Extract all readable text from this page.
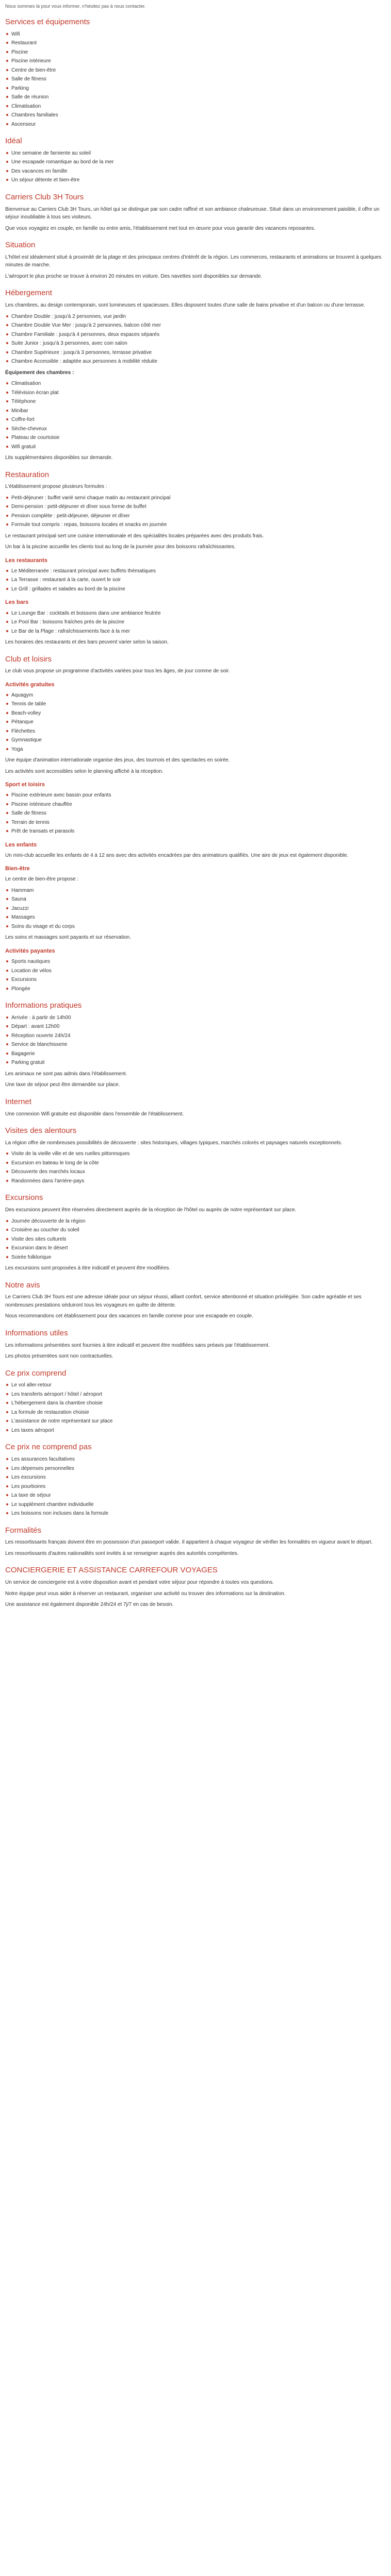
Nous sommes là pour vous informer, n'hésitez pas à nous contacter.

Services et équipements
Wifi
Restaurant
Piscine
Piscine intérieure
Centre de bien-être
Salle de fitness
Parking
Salle de réunion
Climatisation
Chambres familiales
Ascenseur
Idéal
Une semaine de farniente au soleil
Une escapade romantique au bord de la mer
Des vacances en famille
Un séjour détente et bien-être
Carriers Club 3H Tours

Bienvenue au Carriers Club 3H Tours, un hôtel qui se distingue par son cadre raffiné et son ambiance chaleureuse. Situé dans un environnement paisible, il offre un séjour inoubliable à tous ses visiteurs.

Que vous voyagiez en couple, en famille ou entre amis, l'établissement met tout en œuvre pour vous garantir des vacances reposantes.

Situation

L'hôtel est idéalement situé à proximité de la plage et des principaux centres d'intérêt de la région. Les commerces, restaurants et animations se trouvent à quelques minutes de marche.

L'aéroport le plus proche se trouve à environ 20 minutes en voiture. Des navettes sont disponibles sur demande.

Hébergement

Les chambres, au design contemporain, sont lumineuses et spacieuses. Elles disposent toutes d'une salle de bains privative et d'un balcon ou d'une terrasse.

Chambre Double : jusqu'à 2 personnes, vue jardin
Chambre Double Vue Mer : jusqu'à 2 personnes, balcon côté mer
Chambre Familiale : jusqu'à 4 personnes, deux espaces séparés
Suite Junior : jusqu'à 3 personnes, avec coin salon
Chambre Supérieure : jusqu'à 3 personnes, terrasse privative
Chambre Accessible : adaptée aux personnes à mobilité réduite

Équipement des chambres :

Climatisation
Télévision écran plat
Téléphone
Minibar
Coffre-fort
Sèche-cheveux
Plateau de courtoisie
Wifi gratuit

Lits supplémentaires disponibles sur demande.

Restauration

L'établissement propose plusieurs formules :

Petit-déjeuner : buffet varié servi chaque matin au restaurant principal
Demi-pension : petit-déjeuner et dîner sous forme de buffet
Pension complète : petit-déjeuner, déjeuner et dîner
Formule tout compris : repas, boissons locales et snacks en journée

Le restaurant principal sert une cuisine internationale et des spécialités locales préparées avec des produits frais.

Un bar à la piscine accueille les clients tout au long de la journée pour des boissons rafraîchissantes.

Les restaurants
Le Méditerranée : restaurant principal avec buffets thématiques
La Terrasse : restaurant à la carte, ouvert le soir
Le Grill : grillades et salades au bord de la piscine
Les bars
Le Lounge Bar : cocktails et boissons dans une ambiance feutrée
Le Pool Bar : boissons fraîches près de la piscine
Le Bar de la Plage : rafraîchissements face à la mer

Les horaires des restaurants et des bars peuvent varier selon la saison.

Club et loisirs

Le club vous propose un programme d'activités variées pour tous les âges, de jour comme de soir.

Activités gratuites
Aquagym
Tennis de table
Beach-volley
Pétanque
Fléchettes
Gymnastique
Yoga

Une équipe d'animation internationale organise des jeux, des tournois et des spectacles en soirée.

Les activités sont accessibles selon le planning affiché à la réception.

Sport et loisirs
Piscine extérieure avec bassin pour enfants
Piscine intérieure chauffée
Salle de fitness
Terrain de tennis
Prêt de transats et parasols
Les enfants

Un mini-club accueille les enfants de 4 à 12 ans avec des activités encadrées par des animateurs qualifiés. Une aire de jeux est également disponible.

Bien-être

Le centre de bien-être propose :

Hammam
Sauna
Jacuzzi
Massages
Soins du visage et du corps

Les soins et massages sont payants et sur réservation.

Activités payantes
Sports nautiques
Location de vélos
Excursions
Plongée
Informations pratiques
Arrivée : à partir de 14h00
Départ : avant 12h00
Réception ouverte 24h/24
Service de blanchisserie
Bagagerie
Parking gratuit

Les animaux ne sont pas admis dans l'établissement.

Une taxe de séjour peut être demandée sur place.

Internet

Une connexion Wifi gratuite est disponible dans l'ensemble de l'établissement.

Visites des alentours

La région offre de nombreuses possibilités de découverte : sites historiques, villages typiques, marchés colorés et paysages naturels exceptionnels.

Visite de la vieille ville et de ses ruelles pittoresques
Excursion en bateau le long de la côte
Découverte des marchés locaux
Randonnées dans l'arrière-pays
Excursions

Des excursions peuvent être réservées directement auprès de la réception de l'hôtel ou auprès de notre représentant sur place.

Journée découverte de la région
Croisière au coucher du soleil
Visite des sites culturels
Excursion dans le désert
Soirée folklorique

Les excursions sont proposées à titre indicatif et peuvent être modifiées.

Notre avis

Le Carriers Club 3H Tours est une adresse idéale pour un séjour réussi, alliant confort, service attentionné et situation privilégiée. Son cadre agréable et ses nombreuses prestations séduiront tous les voyageurs en quête de détente.

Nous recommandons cet établissement pour des vacances en famille comme pour une escapade en couple.

Informations utiles

Les informations présentées sont fournies à titre indicatif et peuvent être modifiées sans préavis par l'établissement.

Les photos présentées sont non contractuelles.

Ce prix comprend
Le vol aller-retour
Les transferts aéroport / hôtel / aéroport
L'hébergement dans la chambre choisie
La formule de restauration choisie
L'assistance de notre représentant sur place
Les taxes aéroport
Ce prix ne comprend pas
Les assurances facultatives
Les dépenses personnelles
Les excursions
Les pourboires
La taxe de séjour
Le supplément chambre individuelle
Les boissons non incluses dans la formule
Formalités

Les ressortissants français doivent être en possession d'un passeport valide. Il appartient à chaque voyageur de vérifier les formalités en vigueur avant le départ.

Les ressortissants d'autres nationalités sont invités à se renseigner auprès des autorités compétentes.

CONCIERGERIE ET ASSISTANCE CARREFOUR VOYAGES

Un service de conciergerie est à votre disposition avant et pendant votre séjour pour répondre à toutes vos questions.

Notre équipe peut vous aider à réserver un restaurant, organiser une activité ou trouver des informations sur la destination.

Une assistance est également disponible 24h/24 et 7j/7 en cas de besoin.
